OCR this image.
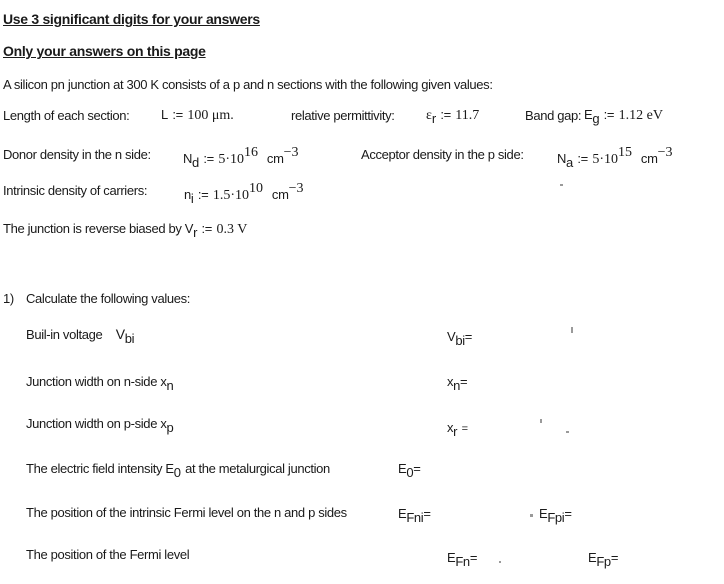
Use 3 significant digits for your answers
Only your answers on this page
A silicon pn junction at 300 K consists of a p and n sections with the following given values:
Length of each section: L := 100 μm.	relative permittivity: $\varepsilon_r$ := 11.7	Band gap: $E_g$ := 1.12 eV
Donor density in the n side: $N_d$ := $5\cdot 10^{16}$ $cm^{-3}$	Acceptor density in the p side:	$N_a$ := $5\cdot 10^{15}$ $cm^{-3}$
Intrinsic density of carriers:	$n_i$ := $1.5\cdot 10^{10}$ $cm^{-3}$
The junction is reverse biased by $V_r$ := 0.3 V
1) Calculate the following values:
Buil-in voltage $V_{bi}$	$V_{bi}=$
Junction width on n-side $x_n$	$x_n=$
Junction width on p-side $x_p$	$x_r$ =
The electric field intensity $E_0$ at the metalurgical junction	$E_0=$
The position of the intrinsic Fermi level on the n and p sides	$E_{Fni}=$	$E_{Fpi}=$
The position of the Fermi level	$E_{Fn}=$	$E_{Fp}=$
